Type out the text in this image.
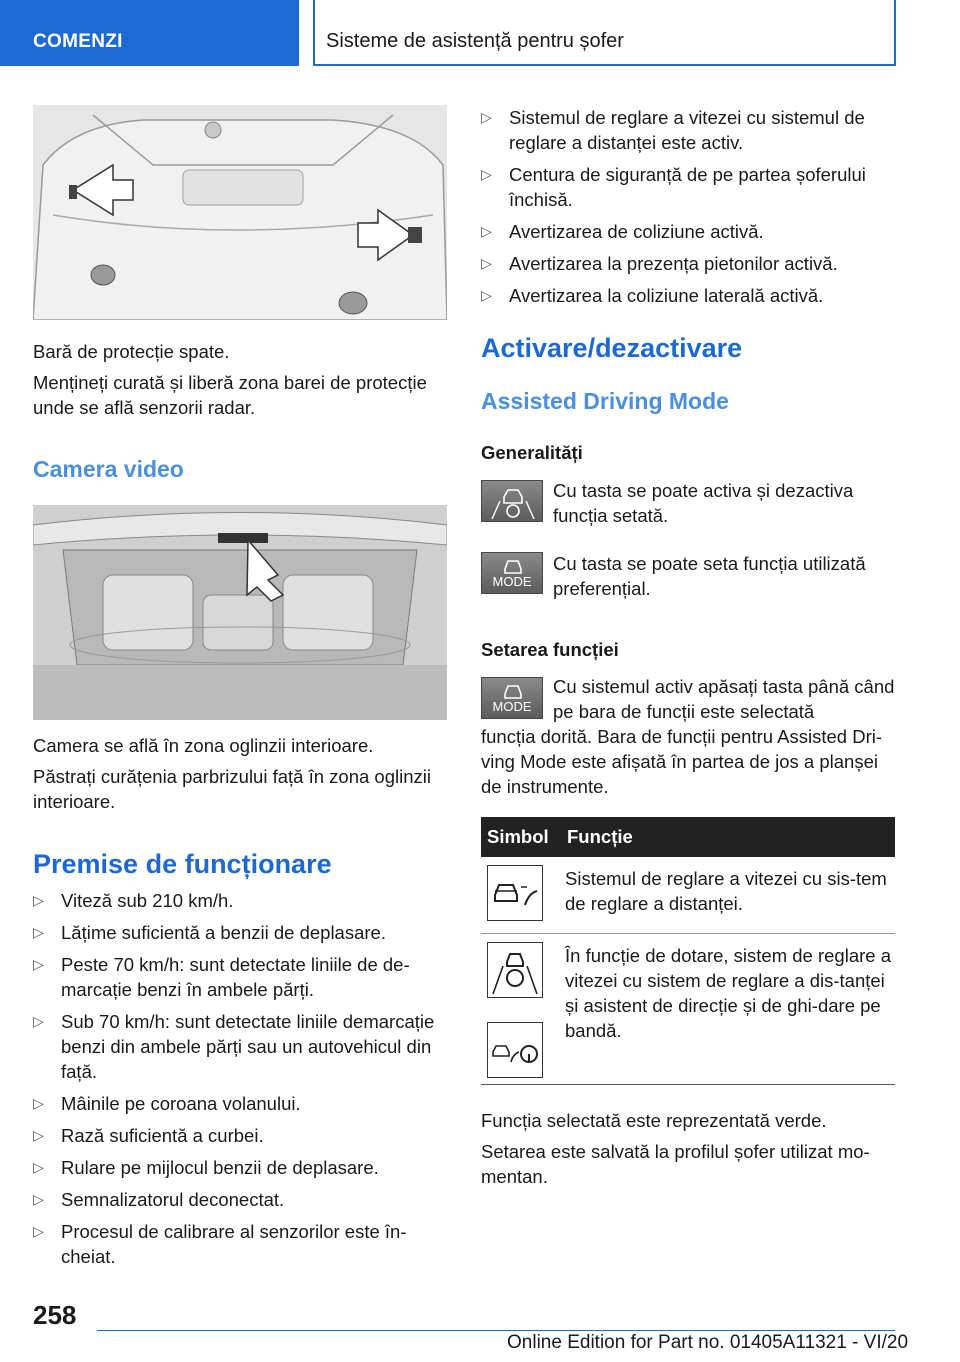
COMENZI	Sisteme de asistență pentru șofer
Bară de protecție spate.
Mențineți curată și liberă zona barei de protecție unde se află senzorii radar.
Camera video
Camera se află în zona oglinzii interioare.
Păstrați curățenia parbrizului față în zona oglinzii interioare.
Premise de funcționare
▷ Viteză sub 210 km/h.
▷ Lățime suficientă a benzii de deplasare.
▷ Peste 70 km/h: sunt detectate liniile de de-marcație benzi în ambele părți.
▷ Sub 70 km/h: sunt detectate liniile demarcație benzi din ambele părți sau un autovehicul din față.
▷ Mâinile pe coroana volanului.
▷ Rază suficientă a curbei.
▷ Rulare pe mijlocul benzii de deplasare.
▷ Semnalizatorul deconectat.
▷ Procesul de calibrare al senzorilor este în-cheiat.
▷ Sistemul de reglare a vitezei cu sistemul de reglare a distanței este activ.
▷ Centura de siguranță de pe partea șoferului închisă.
▷ Avertizarea de coliziune activă.
▷ Avertizarea la prezența pietonilor activă.
▷ Avertizarea la coliziune laterală activă.
Activare/dezactivare
Assisted Driving Mode
Generalități
Cu tasta se poate activa și dezactiva funcția setată.
MODE
Cu tasta se poate seta funcția utilizată preferențial.
Setarea funcției
MODE
Cu sistemul activ apăsați tasta până când pe bara de funcții este selectată
funcția dorită. Bara de funcții pentru Assisted Dri-ving Mode este afișată în partea de jos a planșei de instrumente.
Simbol	Funcție
	Sistemul de reglare a vitezei cu sis-tem de reglare a distanței.
	În funcție de dotare, sistem de reglare a vitezei cu sistem de reglare a dis-tanței și asistent de direcție și de ghi-dare pe bandă.
Funcția selectată este reprezentată verde.
Setarea este salvată la profilul șofer utilizat mo-mentan.
258
Online Edition for Part no. 01405A11321 - VI/20
